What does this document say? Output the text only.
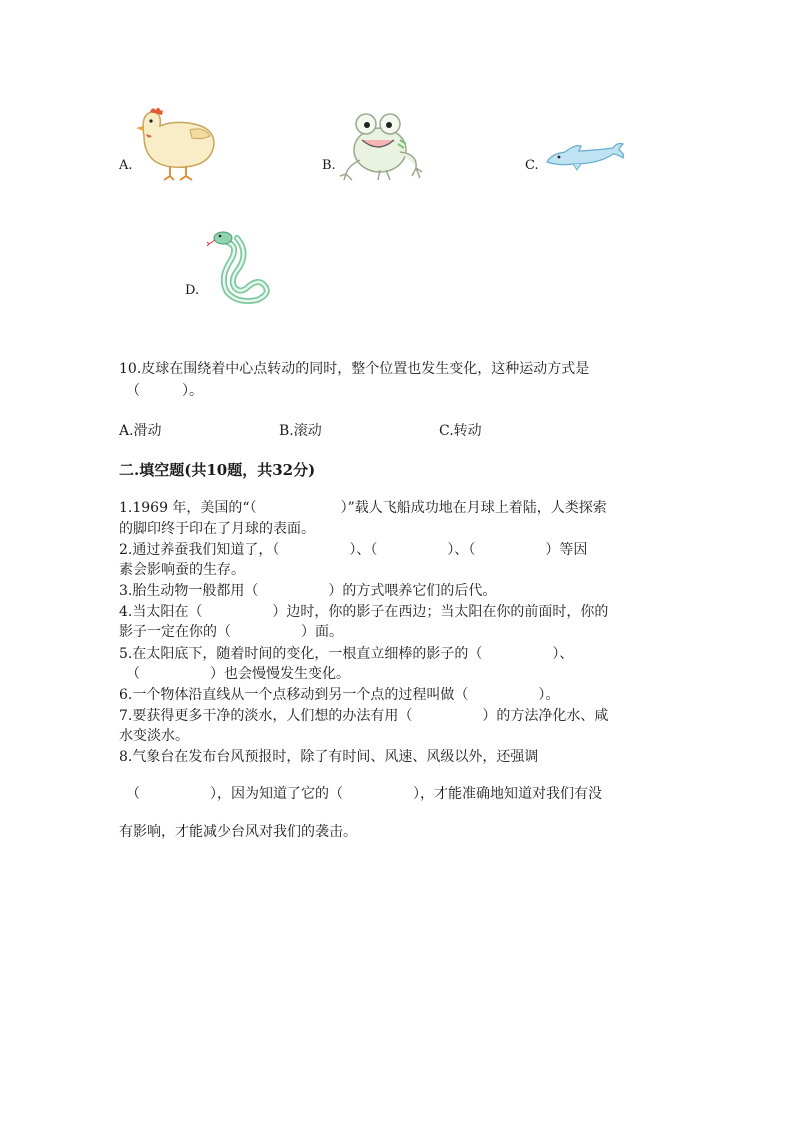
A.	B.	C.
D.
10.皮球在围绕着中心点转动的同时，整个位置也发生变化，这种运动方式是
（　　　）。
A.滑动	B.滚动	C.转动
二.填空题(共10题，共32分)
1.1969 年，美国的“（　　　　　　）”载人飞船成功地在月球上着陆，人类探索
的脚印终于印在了月球的表面。
2.通过养蚕我们知道了，（　　　　　）、（　　　　　）、（　　　　　）等因
素会影响蚕的生存。
3.胎生动物一般都用（　　　　　）的方式喂养它们的后代。
4.当太阳在（　　　　　）边时，你的影子在西边；当太阳在你的前面时，你的
影子一定在你的（　　　　　）面。
5.在太阳底下，随着时间的变化，一根直立细棒的影子的（　　　　　）、
（　　　　　）也会慢慢发生变化。
6.一个物体沿直线从一个点移动到另一个点的过程叫做（　　　　　）。
7.要获得更多干净的淡水，人们想的办法有用（　　　　　）的方法净化水、咸
水变淡水。
8.气象台在发布台风预报时，除了有时间、风速、风级以外，还强调
（　　　　　），因为知道了它的（　　　　　），才能准确地知道对我们有没
有影响，才能减少台风对我们的袭击。
